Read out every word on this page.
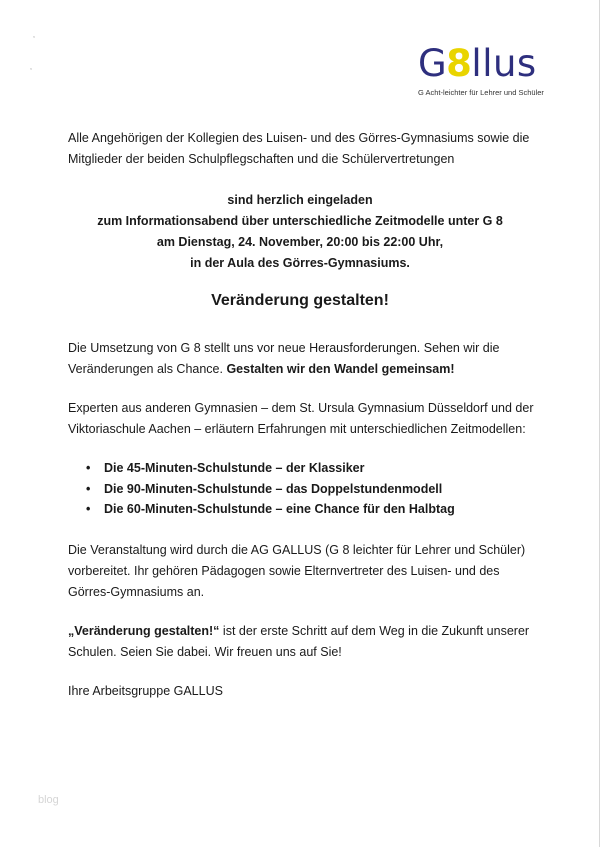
,
,	G8llus
G Acht-leichter für Lehrer und Schüler
Alle Angehörigen der Kollegien des Luisen- und des Görres-Gymnasiums sowie die
Mitglieder der beiden Schulpflegschaften und die Schülervertretungen
sind herzlich eingeladen
zum Informationsabend über unterschiedliche Zeitmodelle unter G 8
am Dienstag, 24. November, 20:00 bis 22:00 Uhr,
in der Aula des Görres-Gymnasiums.
Veränderung gestalten!
Die Umsetzung von G 8 stellt uns vor neue Herausforderungen. Sehen wir die
Veränderungen als Chance. Gestalten wir den Wandel gemeinsam!
Experten aus anderen Gymnasien – dem St. Ursula Gymnasium Düsseldorf und der
Viktoriaschule Aachen – erläutern Erfahrungen mit unterschiedlichen Zeitmodellen:
• Die 45-Minuten-Schulstunde – der Klassiker
• Die 90-Minuten-Schulstunde – das Doppelstundenmodell
• Die 60-Minuten-Schulstunde – eine Chance für den Halbtag
Die Veranstaltung wird durch die AG GALLUS (G 8 leichter für Lehrer und Schüler)
vorbereitet. Ihr gehören Pädagogen sowie Elternvertreter des Luisen- und des
Görres-Gymnasiums an.
„Veränderung gestalten!“ ist der erste Schritt auf dem Weg in die Zukunft unserer
Schulen. Seien Sie dabei. Wir freuen uns auf Sie!
Ihre Arbeitsgruppe GALLUS
blog
